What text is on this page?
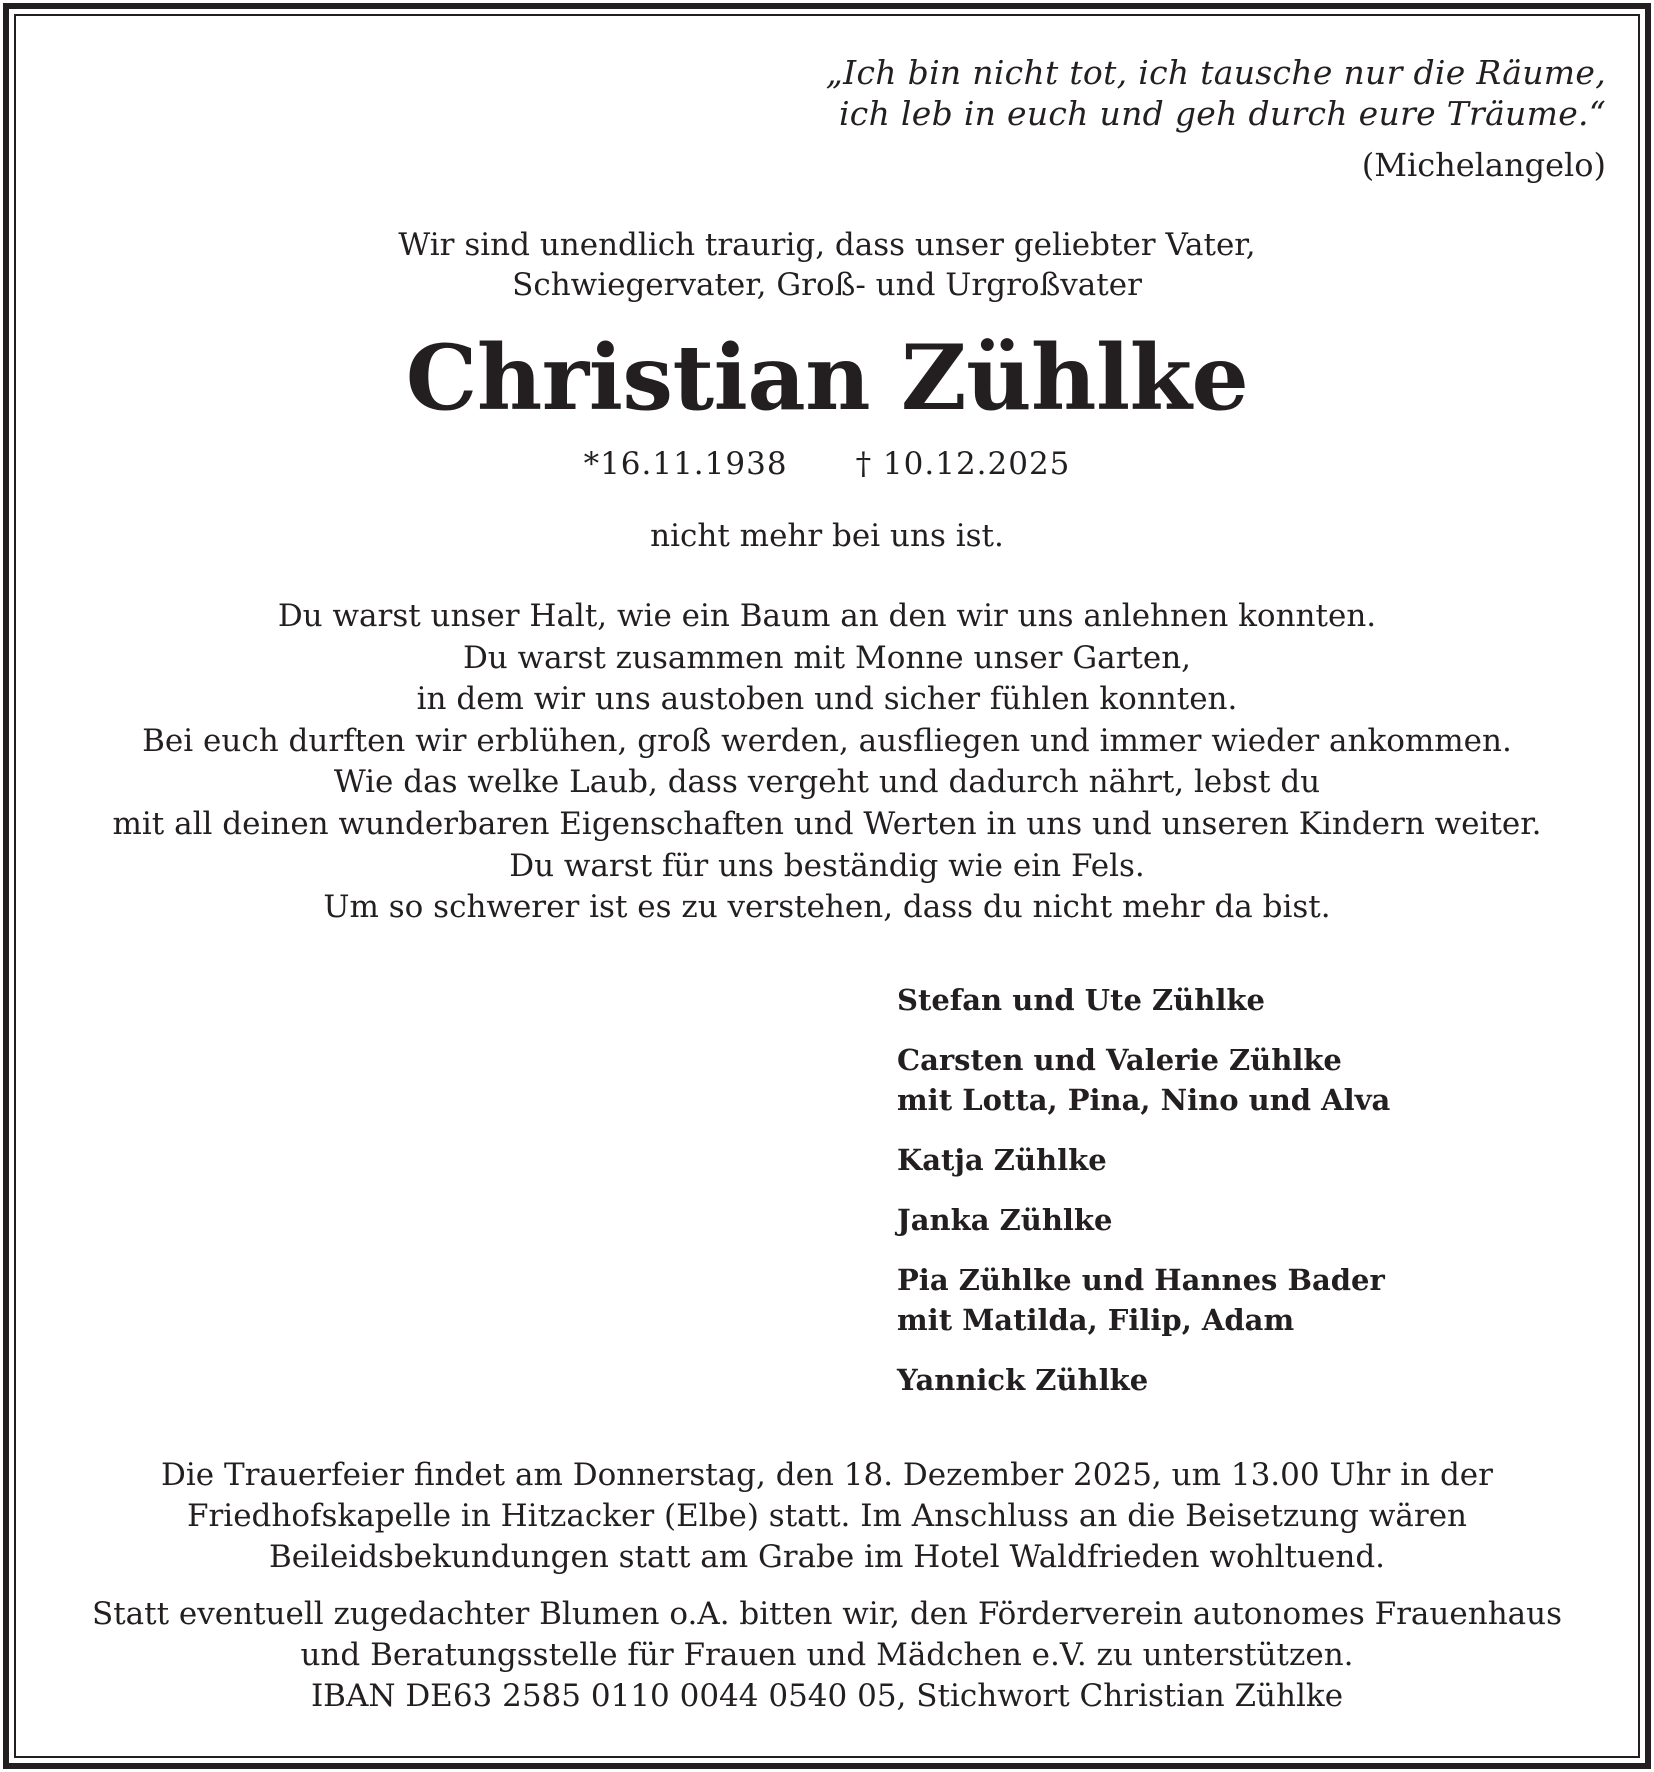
„Ich bin nicht tot, ich tausche nur die Räume,
ich leb in euch und geh durch eure Träume.“
(Michelangelo)
Wir sind unendlich traurig, dass unser geliebter Vater,
Schwiegervater, Groß- und Urgroßvater
Christian Zühlke
*16.11.1938 † 10.12.2025
nicht mehr bei uns ist.
Du warst unser Halt, wie ein Baum an den wir uns anlehnen konnten.
Du warst zusammen mit Monne unser Garten,
in dem wir uns austoben und sicher fühlen konnten.
Bei euch durften wir erblühen, groß werden, ausfliegen und immer wieder ankommen.
Wie das welke Laub, dass vergeht und dadurch nährt, lebst du
mit all deinen wunderbaren Eigenschaften und Werten in uns und unseren Kindern weiter.
Du warst für uns beständig wie ein Fels.
Um so schwerer ist es zu verstehen, dass du nicht mehr da bist.
Stefan und Ute Zühlke
Carsten und Valerie Zühlke
mit Lotta, Pina, Nino und Alva
Katja Zühlke
Janka Zühlke
Pia Zühlke und Hannes Bader
mit Matilda, Filip, Adam
Yannick Zühlke
Die Trauerfeier findet am Donnerstag, den 18. Dezember 2025, um 13.00 Uhr in der
Friedhofskapelle in Hitzacker (Elbe) statt. Im Anschluss an die Beisetzung wären
Beileidsbekundungen statt am Grabe im Hotel Waldfrieden wohltuend.
Statt eventuell zugedachter Blumen o.A. bitten wir, den Förderverein autonomes Frauenhaus
und Beratungsstelle für Frauen und Mädchen e.V. zu unterstützen.
IBAN DE63 2585 0110 0044 0540 05, Stichwort Christian Zühlke
